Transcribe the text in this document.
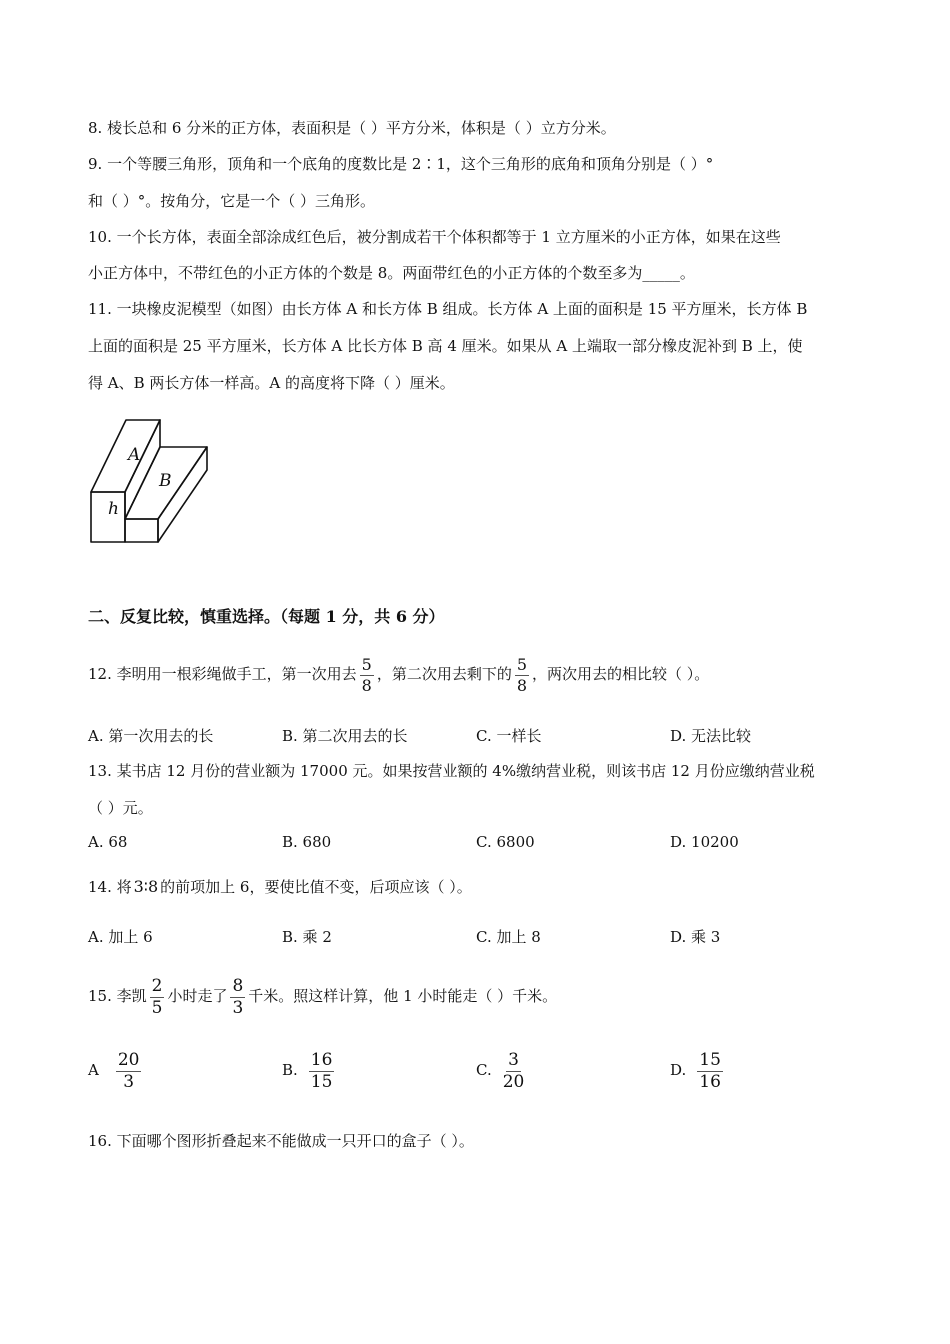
8. 棱长总和 6 分米的正方体，表面积是（ ）平方分米，体积是（ ）立方分米。
9. 一个等腰三角形，顶角和一个底角的度数比是 2∶1，这个三角形的底角和顶角分别是（ ）°
和（ ）°。按角分，它是一个（ ）三角形。
10. 一个长方体，表面全部涂成红色后，被分割成若干个体积都等于 1 立方厘米的小正方体，如果在这些
小正方体中，不带红色的小正方体的个数是 8。两面带红色的小正方体的个数至多为_____。
11. 一块橡皮泥模型（如图）由长方体 A 和长方体 B 组成。长方体 A 上面的面积是 15 平方厘米，长方体 B
上面的面积是 25 平方厘米，长方体 A 比长方体 B 高 4 厘米。如果从 A 上端取一部分橡皮泥补到 B 上，使
得 A、B 两长方体一样高。A 的高度将下降（ ）厘米。
A
B
h
二、反复比较，慎重选择。（每题 1 分，共 6 分）
12. 李明用一根彩绳做手工，第一次用去 $\frac{5}{8}$ ，第二次用去剩下的 $\frac{5}{8}$ ，两次用去的相比较（ ）。
A. 第一次用去的长	B. 第二次用去的长	C. 一样长	D. 无法比较
13. 某书店 12 月份的营业额为 17000 元。如果按营业额的 4%缴纳营业税，则该书店 12 月份应缴纳营业税
（ ）元。
A. 68	B. 680	C. 6800	D. 10200
14. 将 3∶8 的前项加上 6，要使比值不变，后项应该（ ）。
A. 加上 6	B. 乘 2	C. 加上 8	D. 乘 3
15. 李凯 $\frac{2}{5}$ 小时走了 $\frac{8}{3}$ 千米。照这样计算，他 1 小时能走（ ）千米。
A $\frac{20}{3}$	B. $\frac{16}{15}$	C. $\frac{3}{20}$	D. $\frac{15}{16}$
16. 下面哪个图形折叠起来不能做成一只开口的盒子（ ）。
